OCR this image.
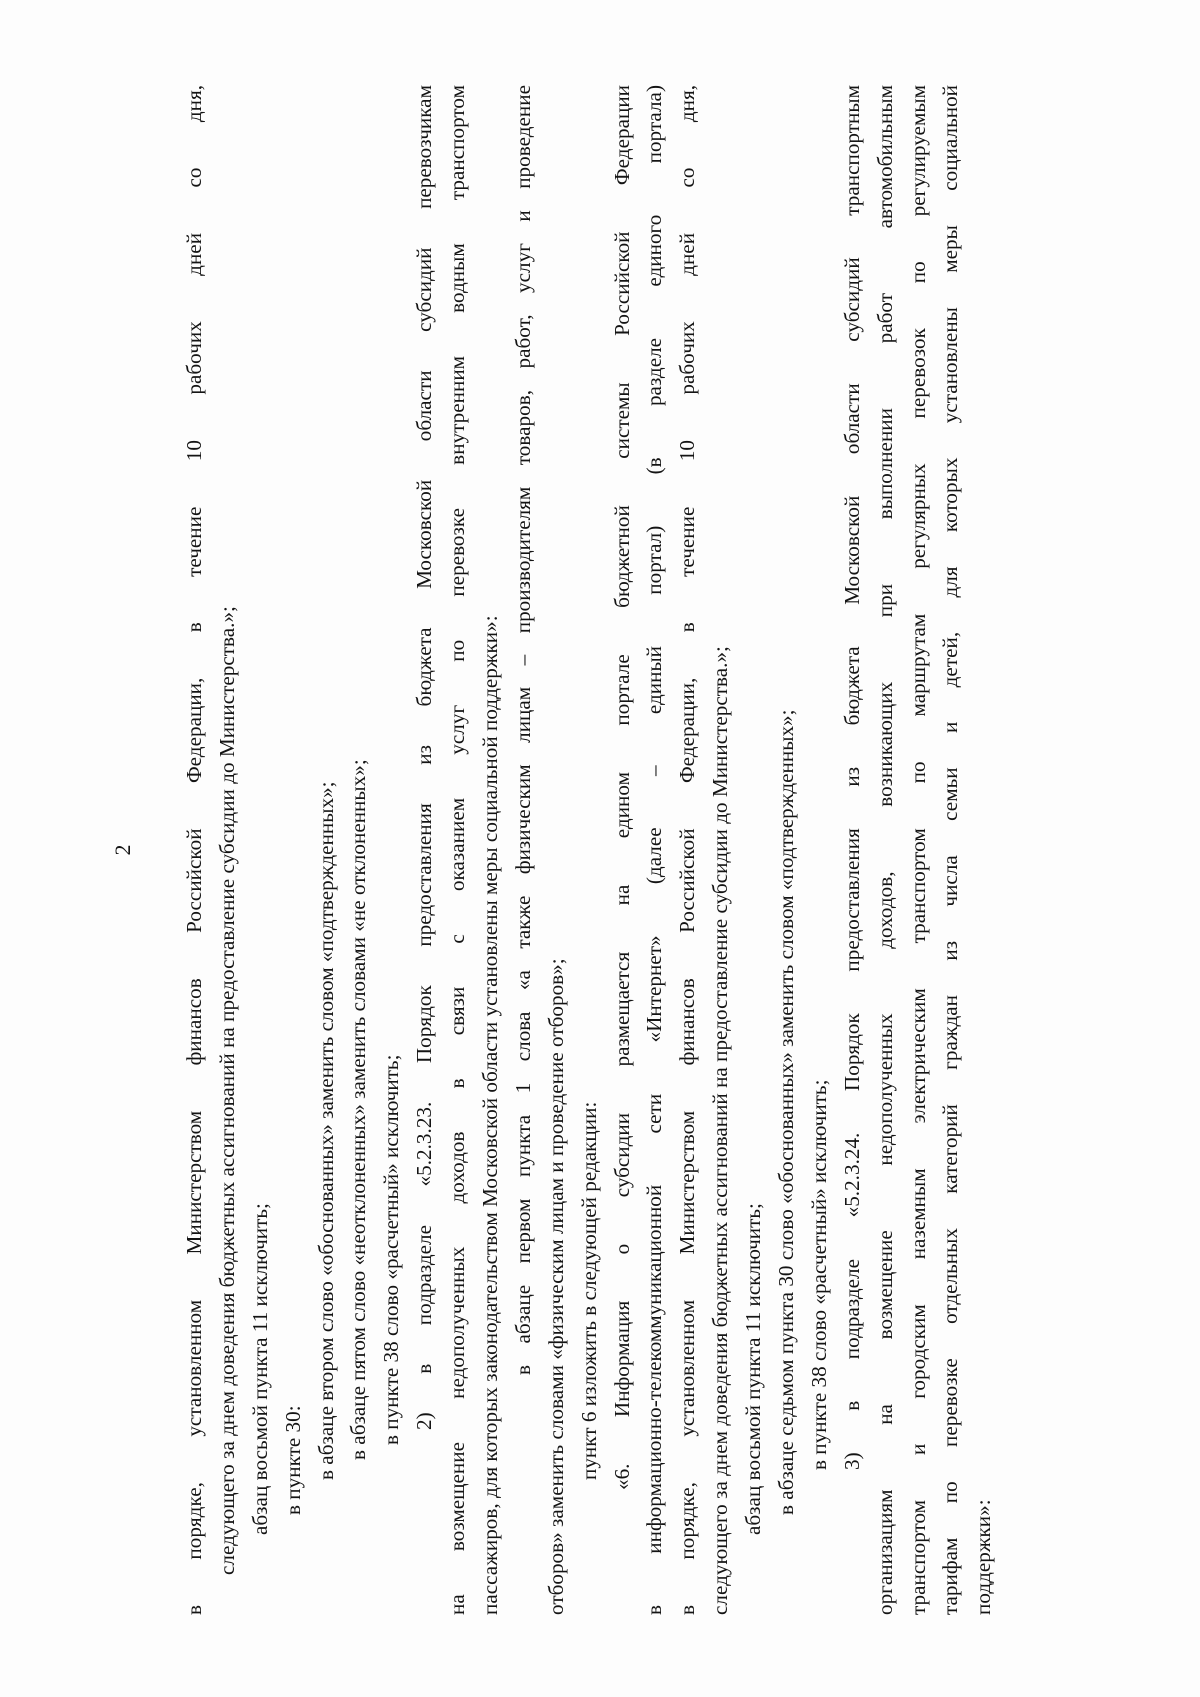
2 в порядке, установленном Министерством финансов Российской Федерации, в течение 10 рабочих дней со дня, следующего за днем доведения бюджетных ассигнований на предоставление субсидии до Министерства.»; абзац восьмой пункта 11 исключить; в пункте 30: в абзаце втором слово «обоснованных» заменить словом «подтвержденных»; в абзаце пятом слово «неотклоненных» заменить словами «не отклоненных»; в пункте 38 слово «расчетный» исключить; 2) в подразделе «5.2.3.23. Порядок предоставления из бюджета Московской области субсидий перевозчикам на возмещение недополученных доходов в связи с оказанием услуг по перевозке внутренним водным транспортом пассажиров, для которых законодательством Московской области установлены меры социальной поддержки»: в абзаце первом пункта 1 слова «а также физическим лицам – производителям товаров, работ, услуг и проведение отборов» заменить словами «физическим лицам и проведение отборов»; пункт 6 изложить в следующей редакции: «6. Информация о субсидии размещается на едином портале бюджетной системы Российской Федерации в информационно-телекоммуникационной сети «Интернет» (далее – единый портал) (в разделе единого портала) в порядке, установленном Министерством финансов Российской Федерации, в течение 10 рабочих дней со дня, следующего за днем доведения бюджетных ассигнований на предоставление субсидии до Министерства.»; абзац восьмой пункта 11 исключить; в абзаце седьмом пункта 30 слово «обоснованных» заменить словом «подтвержденных»; в пункте 38 слово «расчетный» исключить; 3) в подразделе «5.2.3.24. Порядок предоставления из бюджета Московской области субсидий транспортным организациям на возмещение недополученных доходов, возникающих при выполнении работ автомобильным транспортом и городским наземным электрическим транспортом по маршрутам регулярных перевозок по регулируемым тарифам по перевозке отдельных категорий граждан из числа семьи и детей, для которых установлены меры социальной поддержки»:
